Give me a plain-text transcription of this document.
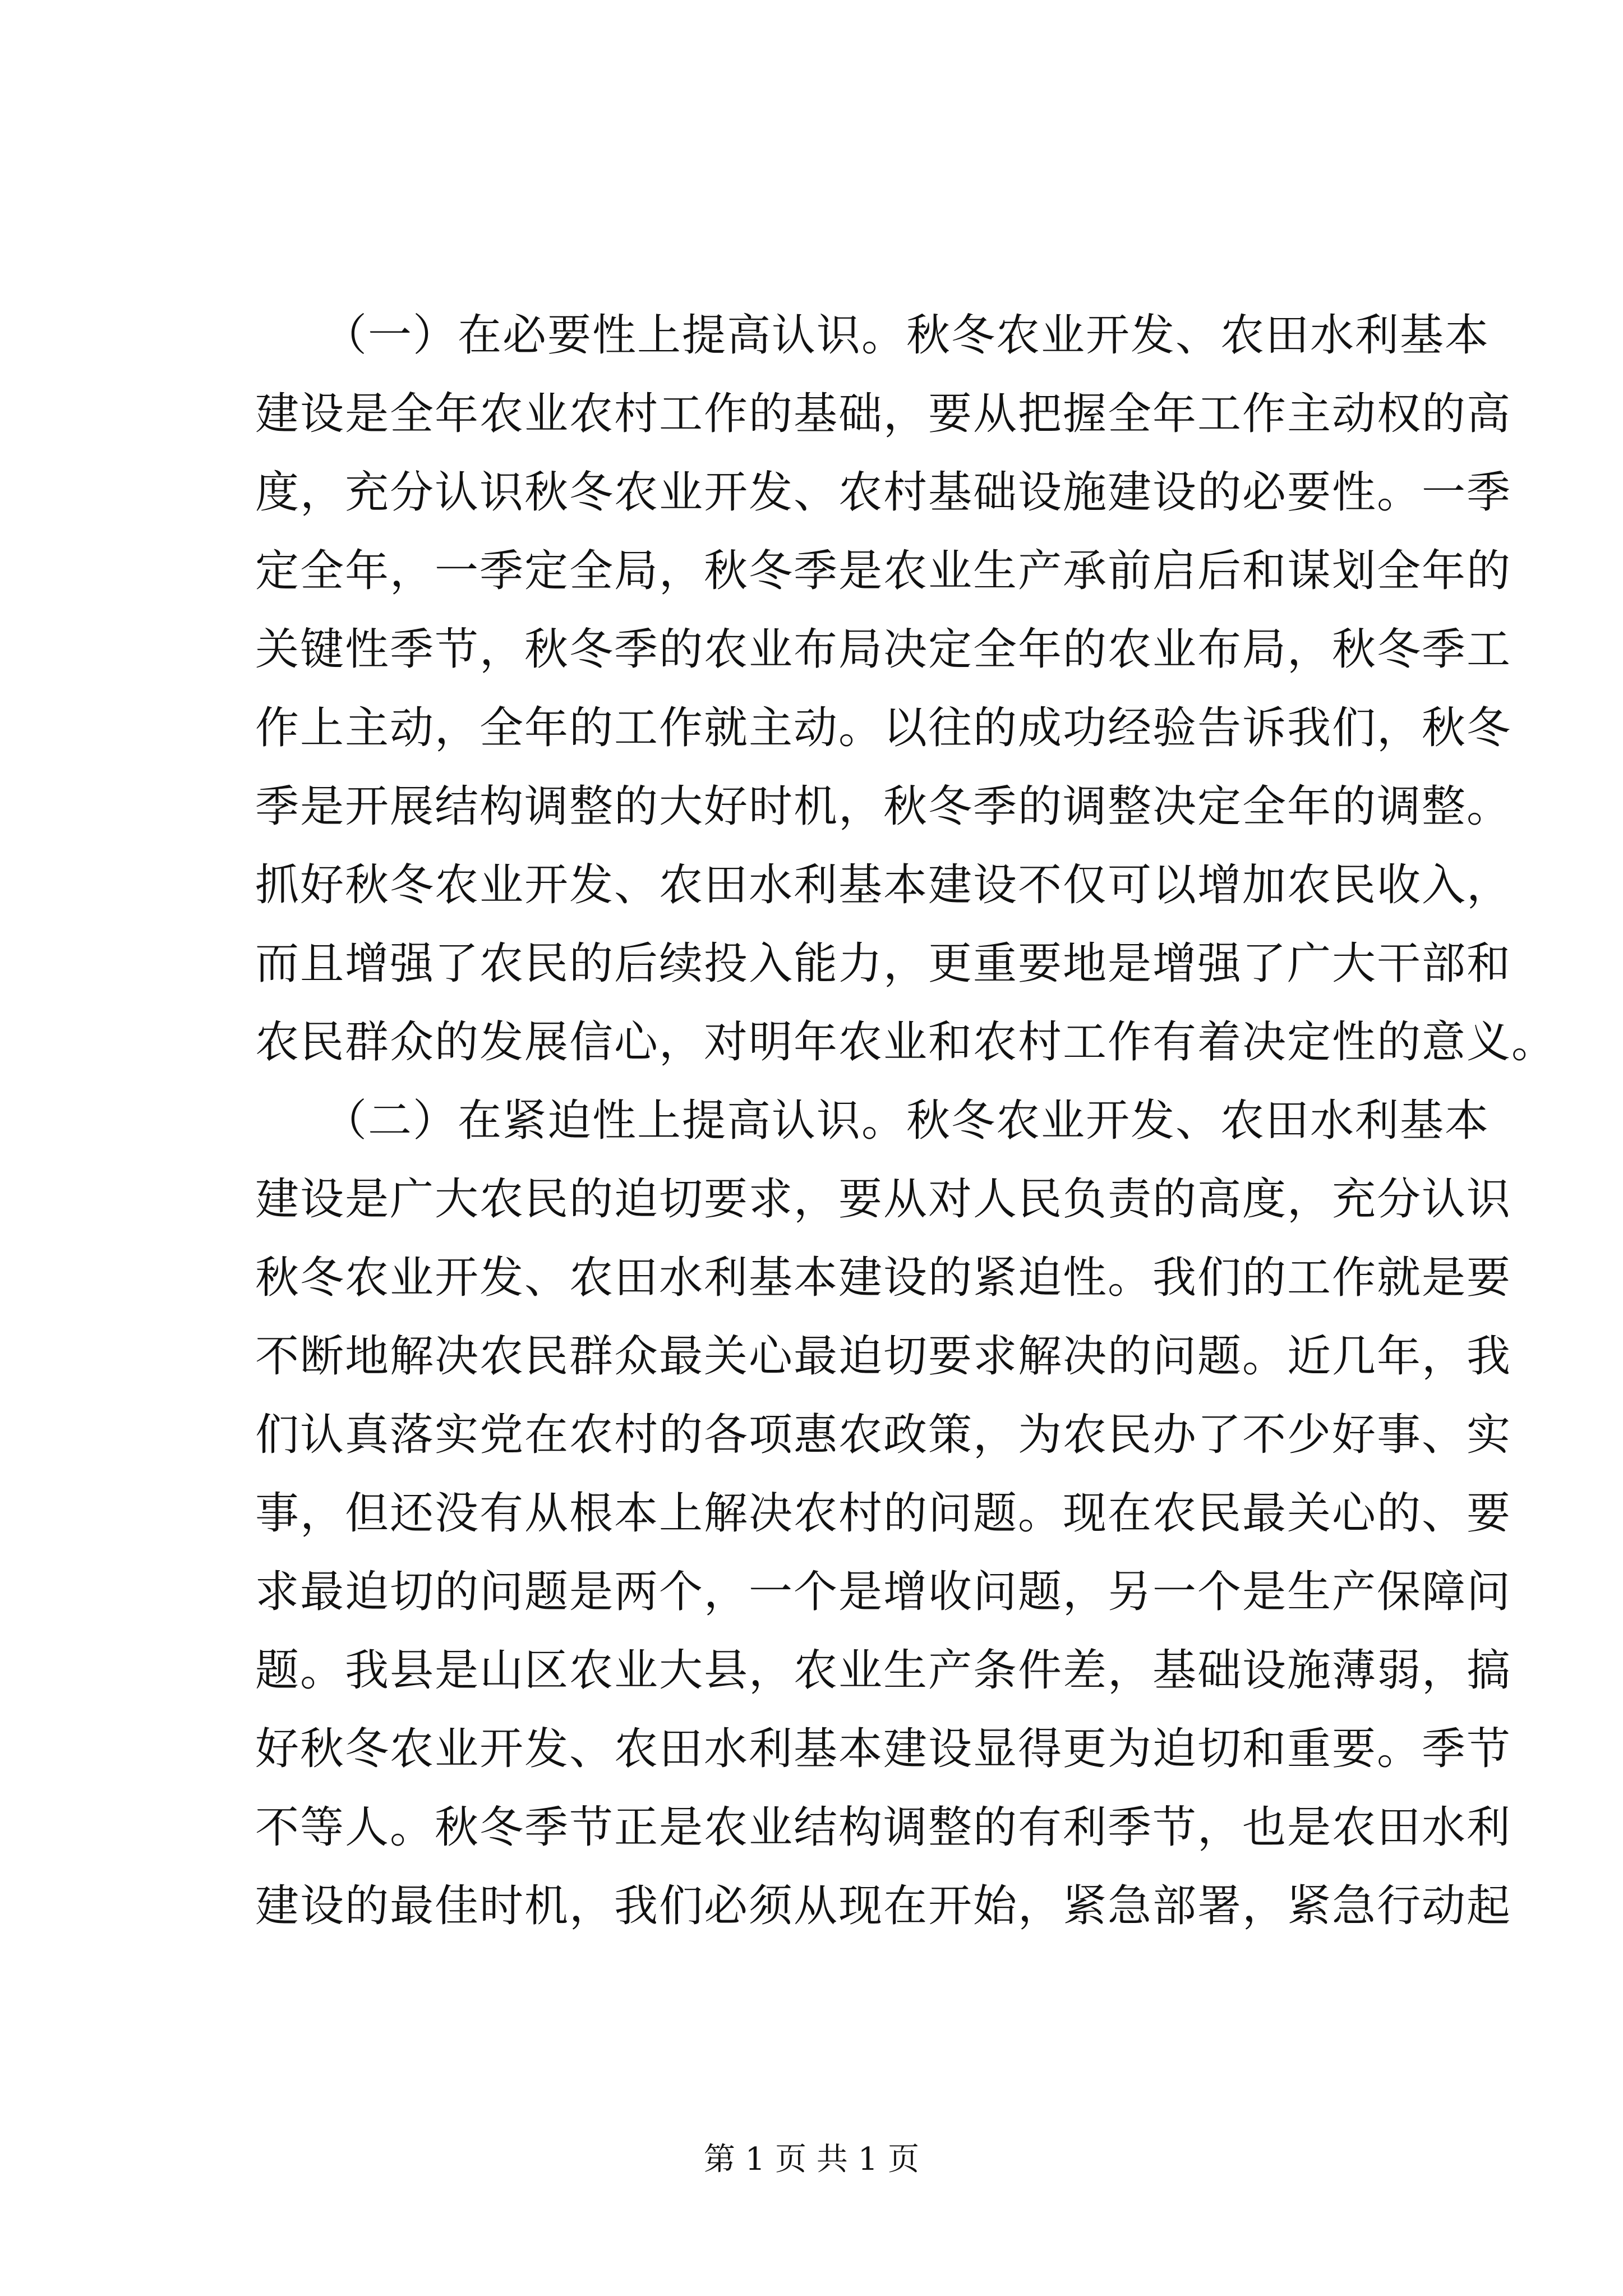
　　（一）在必要性上提高认识。秋冬农业开发、农田水利基本
建设是全年农业农村工作的基础，要从把握全年工作主动权的高
度，充分认识秋冬农业开发、农村基础设施建设的必要性。一季
定全年，一季定全局，秋冬季是农业生产承前启后和谋划全年的
关键性季节，秋冬季的农业布局决定全年的农业布局，秋冬季工
作上主动，全年的工作就主动。以往的成功经验告诉我们，秋冬
季是开展结构调整的大好时机，秋冬季的调整决定全年的调整。
抓好秋冬农业开发、农田水利基本建设不仅可以增加农民收入，
而且增强了农民的后续投入能力，更重要地是增强了广大干部和
农民群众的发展信心，对明年农业和农村工作有着决定性的意义。
　　（二）在紧迫性上提高认识。秋冬农业开发、农田水利基本
建设是广大农民的迫切要求，要从对人民负责的高度，充分认识
秋冬农业开发、农田水利基本建设的紧迫性。我们的工作就是要
不断地解决农民群众最关心最迫切要求解决的问题。近几年，我
们认真落实党在农村的各项惠农政策，为农民办了不少好事、实
事，但还没有从根本上解决农村的问题。现在农民最关心的、要
求最迫切的问题是两个，一个是增收问题，另一个是生产保障问
题。我县是山区农业大县，农业生产条件差，基础设施薄弱，搞
好秋冬农业开发、农田水利基本建设显得更为迫切和重要。季节
不等人。秋冬季节正是农业结构调整的有利季节，也是农田水利
建设的最佳时机，我们必须从现在开始，紧急部署，紧急行动起
第 1 页 共 1 页
